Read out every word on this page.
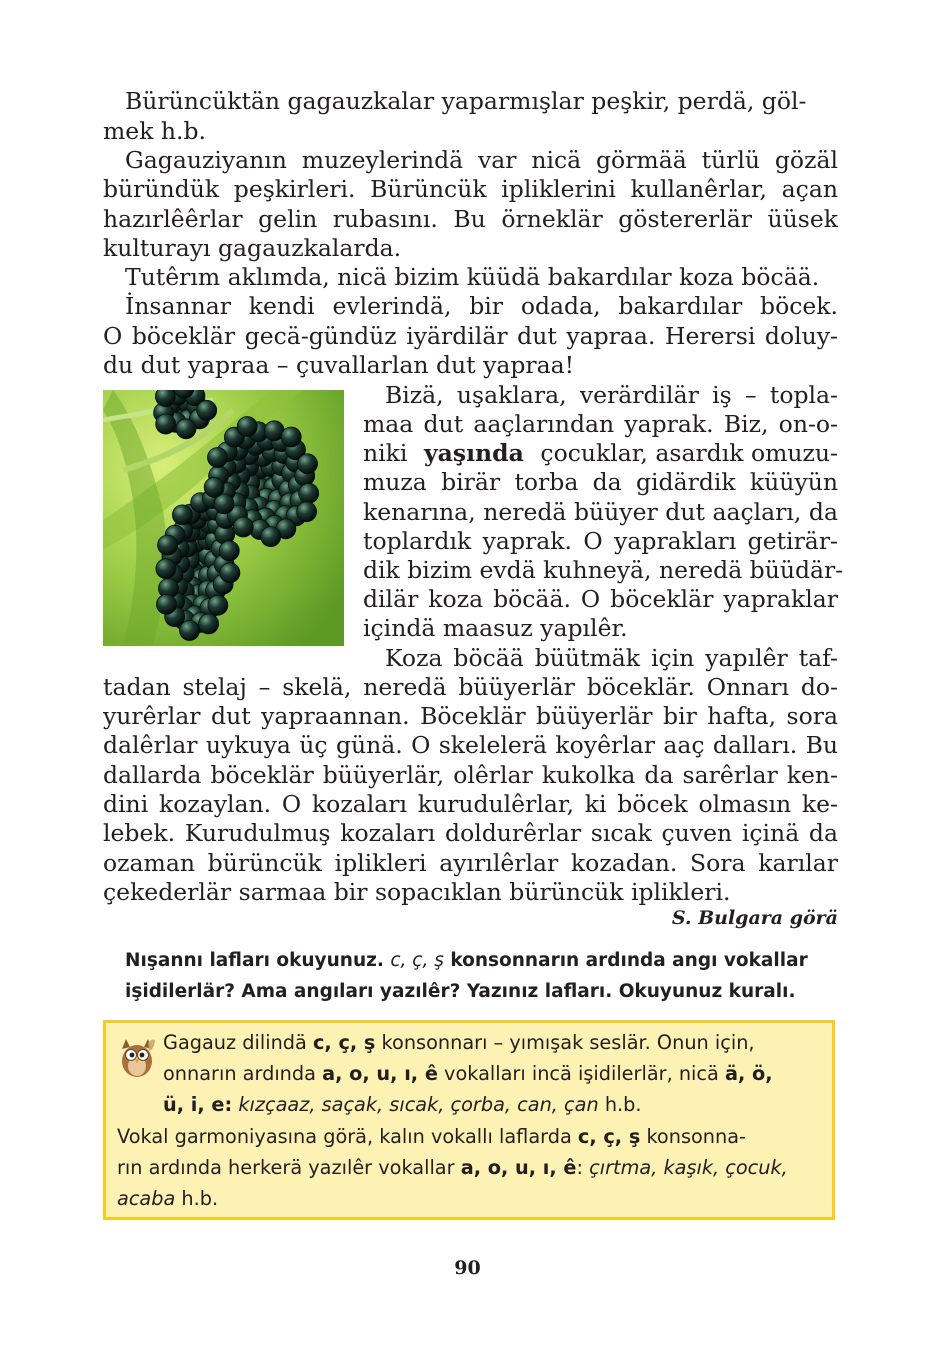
Bürüncüktän gagauzkalar yaparmışlar peşkir, perdä, göl-
mek h.b.
Gagauziyanın muzeylerindä var nicä görmää türlü gözäl
büründük peşkirleri. Bürüncük ipliklerini kullanêrlar, açan
hazırlêêrlar gelin rubasını. Bu örneklär göstererlär üüsek
kulturayı gagauzkalarda.
Tutêrım aklımda, nicä bizim küüdä bakardılar koza böcää.
İnsannar kendi evlerindä, bir odada, bakardılar böcek.
O böceklär gecä-gündüz iyärdilär dut yapraa. Herersi doluy-
du dut yapraa – çuvallarlan dut yapraa!
Bizä, uşaklara, verärdilär iş – topla-
maa dut aaçlarından yaprak. Biz, on-o-
niki yaşında çocuklar, asardık omuzu-
muza birär torba da gidärdik küüyün
kenarına, neredä büüyer dut aaçları, da
toplardık yaprak. O yaprakları getirär-
dik bizim evdä kuhneyä, neredä büüdär-
dilär koza böcää. O böceklär yapraklar
içindä maasuz yapılêr.
Koza böcää büütmäk için yapılêr taf-
tadan stelaj – skelä, neredä büüyerlär böceklär. Onnarı do-
yurêrlar dut yapraannan. Böceklär büüyerlär bir hafta, sora
dalêrlar uykuya üç günä. O skelelerä koyêrlar aaç dalları. Bu
dallarda böceklär büüyerlär, olêrlar kukolka da sarêrlar ken-
dini kozaylan. O kozaları kurudulêrlar, ki böcek olmasın ke-
lebek. Kurudulmuş kozaları doldurêrlar sıcak çuven içinä da
ozaman bürüncük iplikleri ayırılêrlar kozadan. Sora karılar
çekederlär sarmaa bir sopacıklan bürüncük iplikleri.
S. Bulgara görä
Nışannı lafları okuyunuz. c, ç, ş konsonnarın ardında angı vokallar
işidilerlär? Ama angıları yazılêr? Yazınız lafları. Okuyunuz kuralı.
Gagauz dilindä c, ç, ş konsonnarı – yımışak seslär. Onun için,
onnarın ardında a, o, u, ı, ê vokalları incä işidilerlär, nicä ä, ö,
ü, i, e: kızçaaz, saçak, sıcak, çorba, can, çan h.b.
Vokal garmoniyasına görä, kalın vokallı laflarda c, ç, ş konsonna-
rın ardında herkerä yazılêr vokallar a, o, u, ı, ê: çırtma, kaşık, çocuk,
acaba h.b.
90
